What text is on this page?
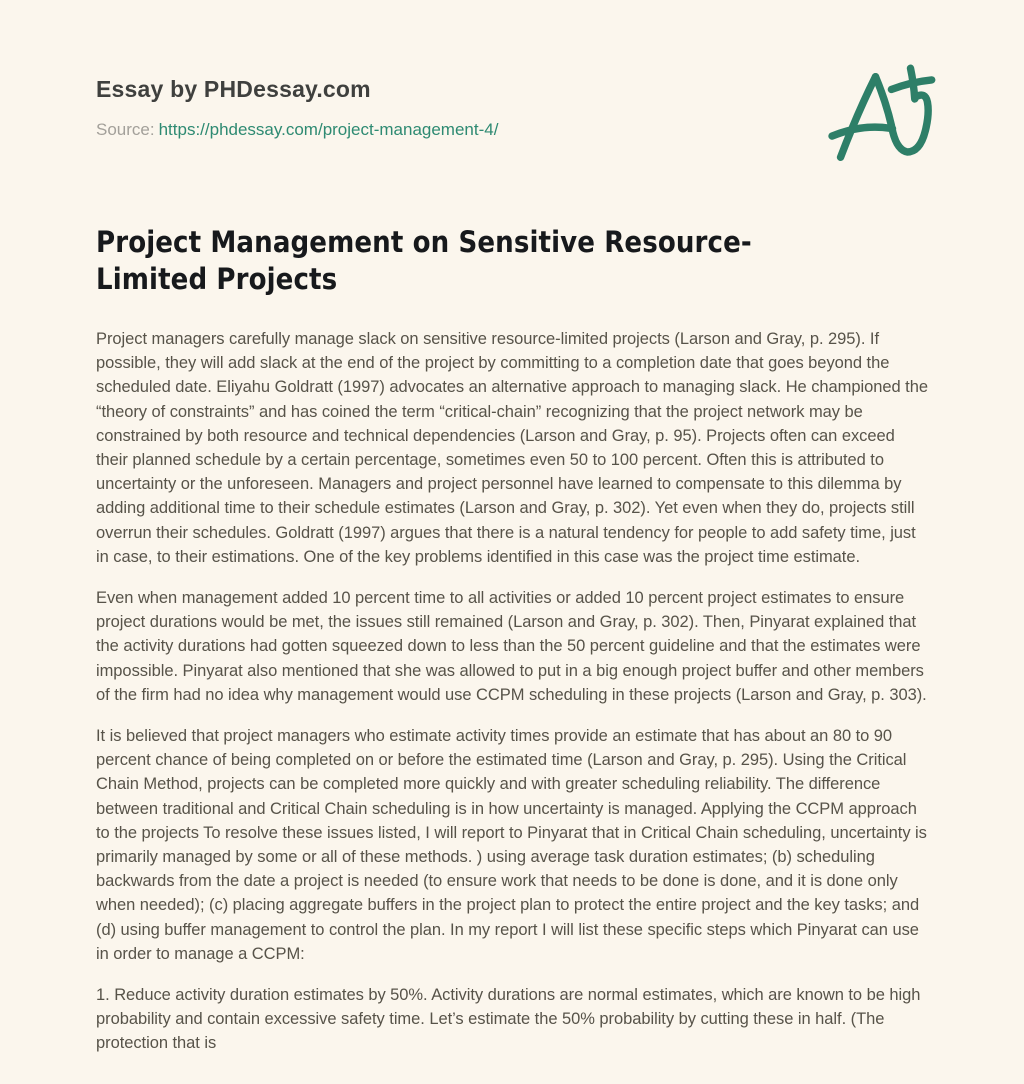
Essay by PHDessay.com
Source: https://phdessay.com/project-management-4/
Project Management on Sensitive Resource-Limited Projects

Project managers carefully manage slack on sensitive resource-limited projects (Larson and Gray, p. 295). If possible, they will add slack at the end of the project by committing to a completion date that goes beyond the scheduled date. Eliyahu Goldratt (1997) advocates an alternative approach to managing slack. He championed the “theory of constraints” and has coined the term “critical-chain” recognizing that the project network may be constrained by both resource and technical dependencies (Larson and Gray, p. 95). Projects often can exceed their planned schedule by a certain percentage, sometimes even 50 to 100 percent. Often this is attributed to uncertainty or the unforeseen. Managers and project personnel have learned to compensate to this dilemma by adding additional time to their schedule estimates (Larson and Gray, p. 302). Yet even when they do, projects still overrun their schedules. Goldratt (1997) argues that there is a natural tendency for people to add safety time, just in case, to their estimations. One of the key problems identified in this case was the project time estimate.

Even when management added 10 percent time to all activities or added 10 percent project estimates to ensure project durations would be met, the issues still remained (Larson and Gray, p. 302). Then, Pinyarat explained that the activity durations had gotten squeezed down to less than the 50 percent guideline and that the estimates were impossible. Pinyarat also mentioned that she was allowed to put in a big enough project buffer and other members of the firm had no idea why management would use CCPM scheduling in these projects (Larson and Gray, p. 303).

It is believed that project managers who estimate activity times provide an estimate that has about an 80 to 90 percent chance of being completed on or before the estimated time (Larson and Gray, p. 295). Using the Critical Chain Method, projects can be completed more quickly and with greater scheduling reliability. The difference between traditional and Critical Chain scheduling is in how uncertainty is managed. Applying the CCPM approach to the projects To resolve these issues listed, I will report to Pinyarat that in Critical Chain scheduling, uncertainty is primarily managed by some or all of these methods. ) using average task duration estimates; (b) scheduling backwards from the date a project is needed (to ensure work that needs to be done is done, and it is done only when needed); (c) placing aggregate buffers in the project plan to protect the entire project and the key tasks; and (d) using buffer management to control the plan. In my report I will list these specific steps which Pinyarat can use in order to manage a CCPM:

1. Reduce activity duration estimates by 50%. Activity durations are normal estimates, which are known to be high probability and contain excessive safety time. Let’s estimate the 50% probability by cutting these in half. (The protection that is
